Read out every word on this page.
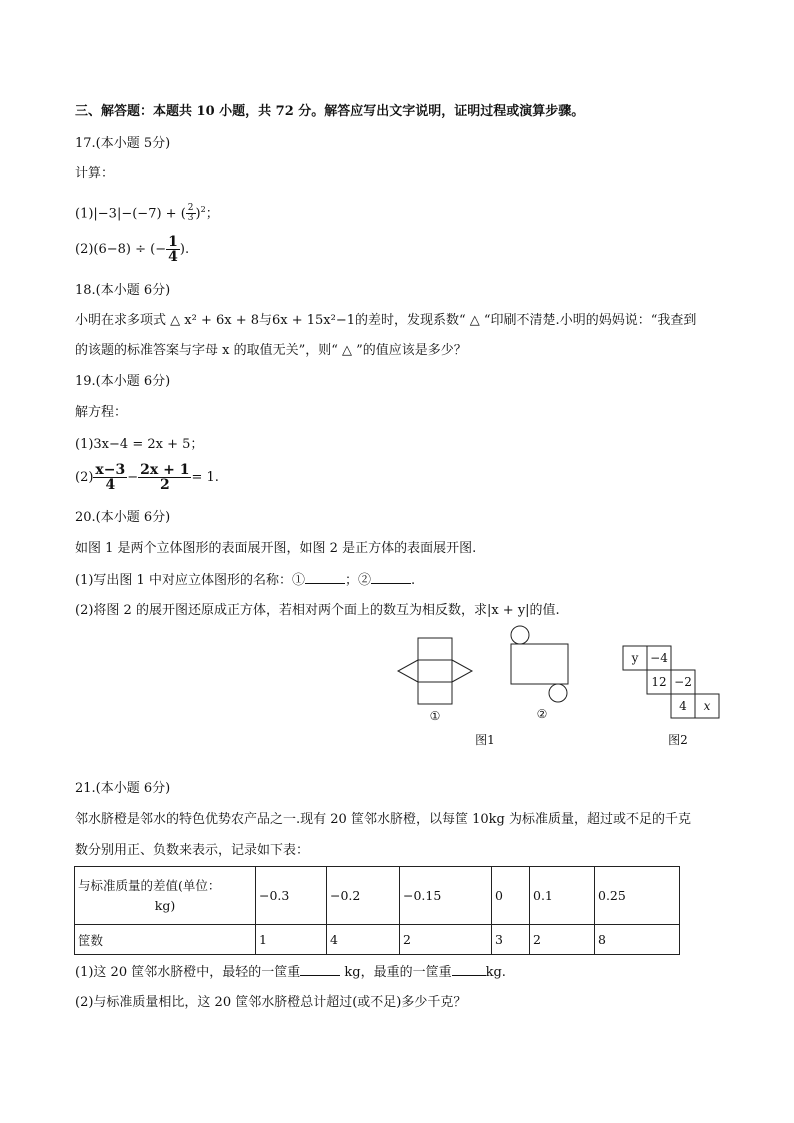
三、解答题：本题共 10 小题，共 72 分。解答应写出文字说明，证明过程或演算步骤。
17.(本小题 5分)
计算：
(1)|−3|−(−7) + ( $\frac{2}{3} )^2$；
(2)(6−8) ÷ (− $\frac{1}{4}$ ).
18.(本小题 6分)
小明在求多项式 △ x² + 6x + 8与6x + 15x²−1的差时，发现系数“ △ “印刷不清楚.小明的妈妈说：“我查到
的该题的标准答案与字母 x 的取值无关”，则“ △ ”的值应该是多少？
19.(本小题 6分)
解方程：
(1)3x−4 = 2x + 5；
$(2) \frac{x-3}{4} - \frac{2x + 1}{2} = 1$.
20.(本小题 6分)
如图 1 是两个立体图形的表面展开图，如图 2 是正方体的表面展开图.
(1)写出图 1 中对应立体图形的名称：①	；②	.
(2)将图 2 的展开图还原成正方体，若相对两个面上的数互为相反数，求|x + y|的值.
y −4
12 −2
4 x
①	②
图1	图2
21.(本小题 6分)
邻水脐橙是邻水的特色优势农产品之一.现有 20 筐邻水脐橙，以每筐 10kg 为标准质量，超过或不足的千克
数分别用正、负数来表示，记录如下表：
与标准质量的差值(单位：
kg)	−0.3	−0.2	−0.15	0	0.1	0.25
筐数	1	4	2	3	2	8
(1)这 20 筐邻水脐橙中，最轻的一筐重	kg，最重的一筐重	kg.
(2)与标准质量相比，这 20 筐邻水脐橙总计超过(或不足)多少千克？
